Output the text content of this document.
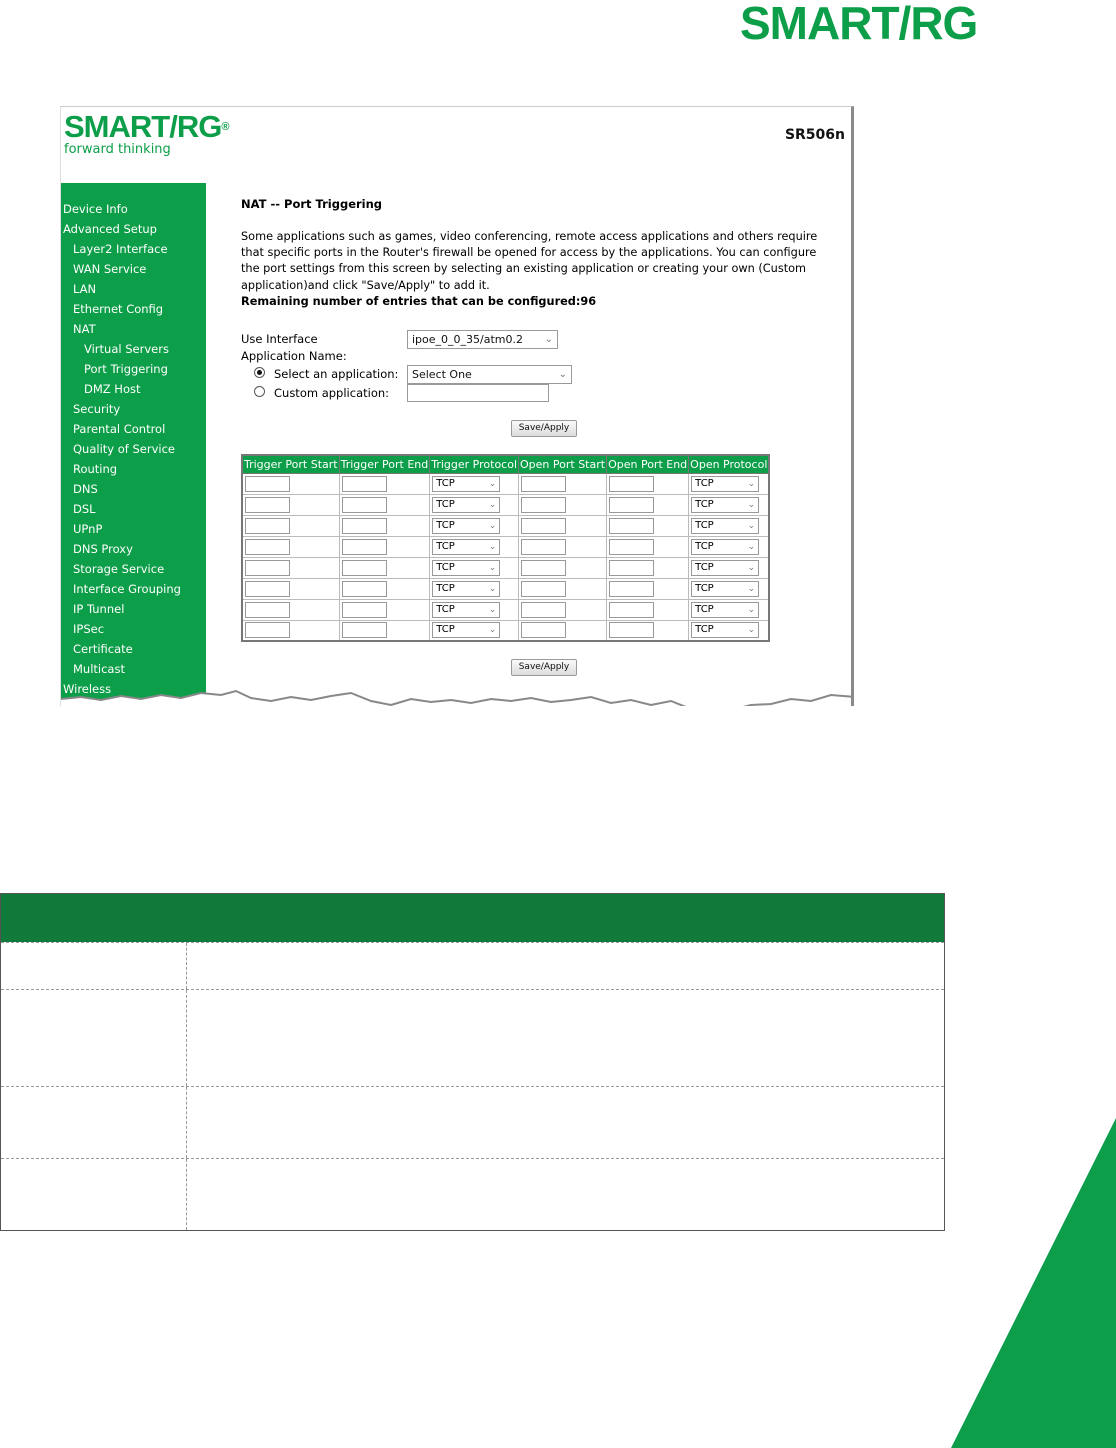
SMART/RG
SMART/RG®
forward thinking
SR506n
Device Info
Advanced Setup
Layer2 Interface
WAN Service
LAN
Ethernet Config
NAT
Virtual Servers
Port Triggering
DMZ Host
Security
Parental Control
Quality of Service
Routing
DNS
DSL
UPnP
DNS Proxy
Storage Service
Interface Grouping
IP Tunnel
IPSec
Certificate
Multicast
Wireless
NAT -- Port Triggering
Some applications such as games, video conferencing, remote access applications and others require that specific ports in the Router's firewall be opened for access by the applications. You can configure the port settings from this screen by selecting an existing application or creating your own (Custom application)and click "Save/Apply" to add it.
Remaining number of entries that can be configured:96
Use Interface	ipoe_0_0_35/atm0.2 ⌄
Application Name:
Select an application:	Select One	⌄
Custom application:
Save/Apply
Trigger Port Start	Trigger Port End	Trigger Protocol	Open Port Start	Open Port End	Open Protocol

		TCP ⌄			TCP ⌄

		TCP ⌄			TCP ⌄

		TCP ⌄			TCP ⌄

		TCP ⌄			TCP ⌄

		TCP ⌄			TCP ⌄

		TCP ⌄			TCP ⌄

		TCP ⌄			TCP ⌄

		TCP ⌄			TCP ⌄
Save/Apply
